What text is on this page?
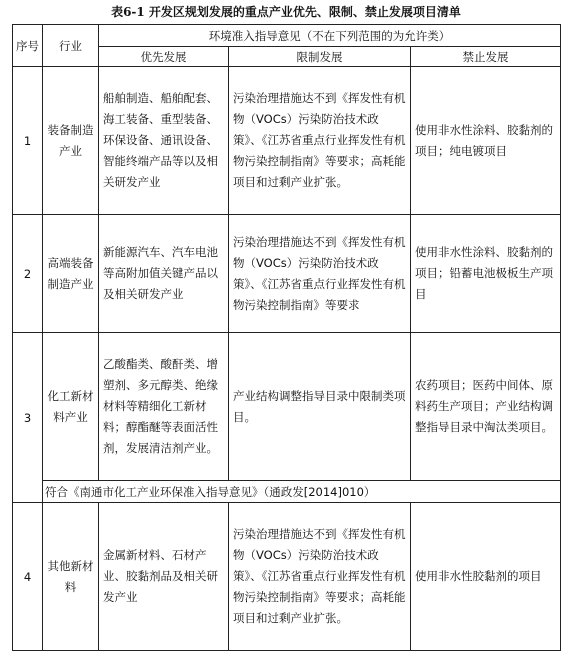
表6-1 开发区规划发展的重点产业优先、限制、禁止发展项目清单
序号	行业	环境准入指导意见（不在下列范围的为允许类）		
		优先发展	限制发展	禁止发展
1	装备制造产业	船舶制造、船舶配套、海工装备、重型装备、环保设备、通讯设备、智能终端产品等以及相关研发产业	污染治理措施达不到《挥发性有机物（VOCs）污染防治技术政策》、《江苏省重点行业挥发性有机物污染控制指南》等要求；高耗能项目和过剩产业扩张。	使用非水性涂料、胶黏剂的项目；纯电镀项目
2	高端装备制造产业	新能源汽车、汽车电池等高附加值关键产品以及相关研发产业	污染治理措施达不到《挥发性有机物（VOCs）污染防治技术政策》、《江苏省重点行业挥发性有机物污染控制指南》等要求	使用非水性涂料、胶黏剂的项目；铅蓄电池极板生产项目
3	化工新材料产业	乙酸酯类、酸酐类、增塑剂、多元醇类、绝缘材料等精细化工新材料；醇酯醚等表面活性剂，发展清洁剂产业。	产业结构调整指导目录中限制类项目。	农药项目；医药中间体、原料药生产项目；产业结构调整指导目录中淘汰类项目。
	符合《南通市化工产业环保准入指导意见》（通政发[2014]010）			
4	其他新材料	金属新材料、石材产业、胶黏剂品及相关研发产业	污染治理措施达不到《挥发性有机物（VOCs）污染防治技术政策》、《江苏省重点行业挥发性有机物污染控制指南》等要求；高耗能项目和过剩产业扩张。	使用非水性胶黏剂的项目
